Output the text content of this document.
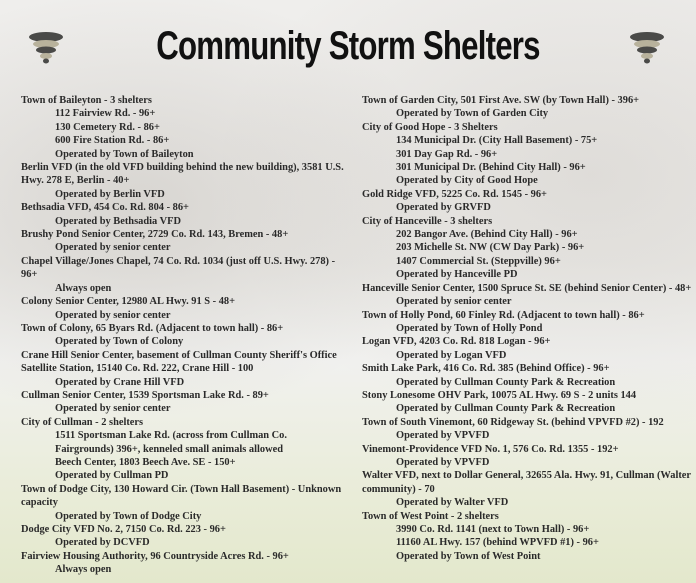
Community Storm Shelters
Town of Baileyton - 3 shelters
112 Fairview Rd. - 96+
130 Cemetery Rd. - 86+
600 Fire Station Rd. - 86+
Operated by Town of Baileyton
Berlin VFD (in the old VFD building behind the new building), 3581 U.S.
Hwy. 278 E, Berlin - 40+
Operated by Berlin VFD
Bethsadia VFD, 454 Co. Rd. 804 - 86+
Operated by Bethsadia VFD
Brushy Pond Senior Center, 2729 Co. Rd. 143, Bremen - 48+
Operated by senior center
Chapel Village/Jones Chapel, 74 Co. Rd. 1034 (just off U.S. Hwy. 278) -
96+
Always open
Colony Senior Center, 12980 AL Hwy. 91 S - 48+
Operated by senior center
Town of Colony, 65 Byars Rd. (Adjacent to town hall) - 86+
Operated by Town of Colony
Crane Hill Senior Center, basement of Cullman County Sheriff's Office
Satellite Station, 15140 Co. Rd. 222, Crane Hill - 100
Operated by Crane Hill VFD
Cullman Senior Center, 1539 Sportsman Lake Rd. - 89+
Operated by senior center
City of Cullman - 2 shelters
1511 Sportsman Lake Rd. (across from Cullman Co.
Fairgrounds) 396+, kenneled small animals allowed
Beech Center, 1803 Beech Ave. SE - 150+
Operated by Cullman PD
Town of Dodge City, 130 Howard Cir. (Town Hall Basement) - Unknown
capacity
Operated by Town of Dodge City
Dodge City VFD No. 2, 7150 Co. Rd. 223 - 96+
Operated by DCVFD
Fairview Housing Authority, 96 Countryside Acres Rd. - 96+
Always open
Town of Garden City, 501 First Ave. SW (by Town Hall) - 396+
Operated by Town of Garden City
City of Good Hope - 3 Shelters
134 Municipal Dr. (City Hall Basement) - 75+
301 Day Gap Rd. - 96+
301 Municipal Dr. (Behind City Hall) - 96+
Operated by City of Good Hope
Gold Ridge VFD, 5225 Co. Rd. 1545 - 96+
Operated by GRVFD
City of Hanceville - 3 shelters
202 Bangor Ave. (Behind City Hall) - 96+
203 Michelle St. NW (CW Day Park) - 96+
1407 Commercial St. (Steppville) 96+
Operated by Hanceville PD
Hanceville Senior Center, 1500 Spruce St. SE (behind Senior Center) - 48+
Operated by senior center
Town of Holly Pond, 60 Finley Rd. (Adjacent to town hall) - 86+
Operated by Town of Holly Pond
Logan VFD, 4203 Co. Rd. 818 Logan - 96+
Operated by Logan VFD
Smith Lake Park, 416 Co. Rd. 385 (Behind Office) - 96+
Operated by Cullman County Park & Recreation
Stony Lonesome OHV Park, 10075 AL Hwy. 69 S - 2 units 144
Operated by Cullman County Park & Recreation
Town of South Vinemont, 60 Ridgeway St. (behind VPVFD #2) - 192
Operated by VPVFD
Vinemont-Providence VFD No. 1, 576 Co. Rd. 1355 - 192+
Operated by VPVFD
Walter VFD, next to Dollar General, 32655 Ala. Hwy. 91, Cullman (Walter
community) - 70
Operated by Walter VFD
Town of West Point - 2 shelters
3990 Co. Rd. 1141 (next to Town Hall) - 96+
11160 AL Hwy. 157 (behind WPVFD #1) - 96+
Operated by Town of West Point
